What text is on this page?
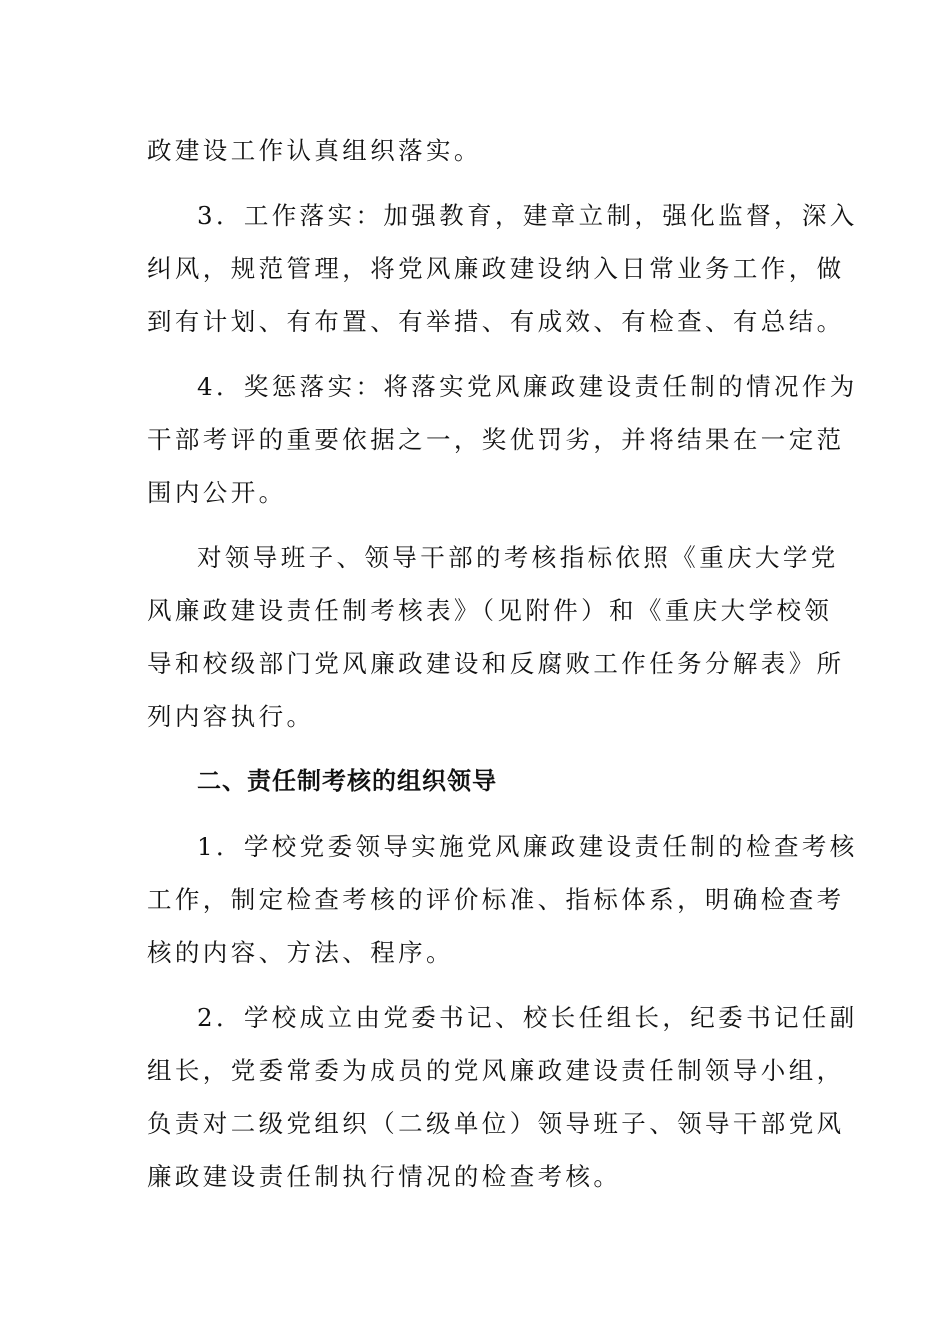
政建设工作认真组织落实。

3．工作落实：加强教育，建章立制，强化监督，深入
纠风，规范管理，将党风廉政建设纳入日常业务工作，做
到有计划、有布置、有举措、有成效、有检查、有总结。

4．奖惩落实：将落实党风廉政建设责任制的情况作为
干部考评的重要依据之一，奖优罚劣，并将结果在一定范
围内公开。

对领导班子、领导干部的考核指标依照《重庆大学党
风廉政建设责任制考核表》（见附件）和《重庆大学校领
导和校级部门党风廉政建设和反腐败工作任务分解表》所
列内容执行。

二、责任制考核的组织领导

1．学校党委领导实施党风廉政建设责任制的检查考核
工作，制定检查考核的评价标准、指标体系，明确检查考
核的内容、方法、程序。

2．学校成立由党委书记、校长任组长，纪委书记任副
组长，党委常委为成员的党风廉政建设责任制领导小组，
负责对二级党组织（二级单位）领导班子、领导干部党风
廉政建设责任制执行情况的检查考核。
